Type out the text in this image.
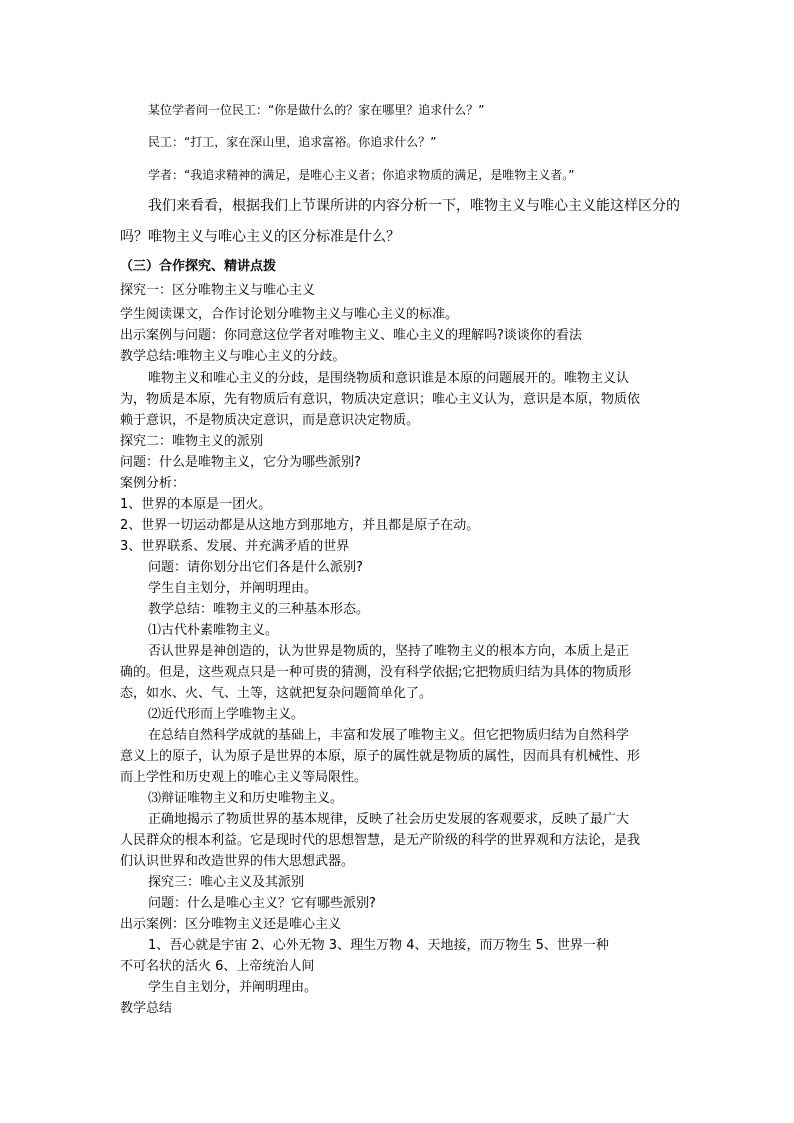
某位学者问一位民工：“你是做什么的？家在哪里？追求什么？”
民工：“打工，家在深山里，追求富裕。你追求什么？”
学者：“我追求精神的满足，是唯心主义者；你追求物质的满足，是唯物主义者。”
我们来看看，根据我们上节课所讲的内容分析一下，唯物主义与唯心主义能这样区分的
吗？唯物主义与唯心主义的区分标准是什么？
（三）合作探究、精讲点拨
探究一：区分唯物主义与唯心主义
学生阅读课文，合作讨论划分唯物主义与唯心主义的标准。
出示案例与问题：你同意这位学者对唯物主义、唯心主义的理解吗?谈谈你的看法
教学总结:唯物主义与唯心主义的分歧。
唯物主义和唯心主义的分歧，是围绕物质和意识谁是本原的问题展开的。唯物主义认
为，物质是本原，先有物质后有意识，物质决定意识；唯心主义认为，意识是本原，物质依
赖于意识，不是物质决定意识，而是意识决定物质。
探究二：唯物主义的派别
问题：什么是唯物主义，它分为哪些派别?
案例分析：
1、世界的本原是一团火。
2、世界一切运动都是从这地方到那地方，并且都是原子在动。
3、世界联系、发展、并充满矛盾的世界
问题：请你划分出它们各是什么派别?
学生自主划分，并阐明理由。
教学总结：唯物主义的三种基本形态。
⑴古代朴素唯物主义。
否认世界是神创造的，认为世界是物质的，坚持了唯物主义的根本方向，本质上是正
确的。但是，这些观点只是一种可贵的猜测，没有科学依据;它把物质归结为具体的物质形
态，如水、火、气、土等，这就把复杂问题简单化了。
⑵近代形而上学唯物主义。
在总结自然科学成就的基础上，丰富和发展了唯物主义。但它把物质归结为自然科学
意义上的原子，认为原子是世界的本原，原子的属性就是物质的属性，因而具有机械性、形
而上学性和历史观上的唯心主义等局限性。
⑶辩证唯物主义和历史唯物主义。
正确地揭示了物质世界的基本规律，反映了社会历史发展的客观要求，反映了最广大
人民群众的根本利益。它是现时代的思想智慧，是无产阶级的科学的世界观和方法论，是我
们认识世界和改造世界的伟大思想武器。
探究三：唯心主义及其派别
问题：什么是唯心主义？它有哪些派别?
出示案例：区分唯物主义还是唯心主义
1、吾心就是宇宙 2、心外无物 3、理生万物 4、天地接，而万物生 5、世界一种
不可名状的活火 6、上帝统治人间
学生自主划分，并阐明理由。
教学总结
